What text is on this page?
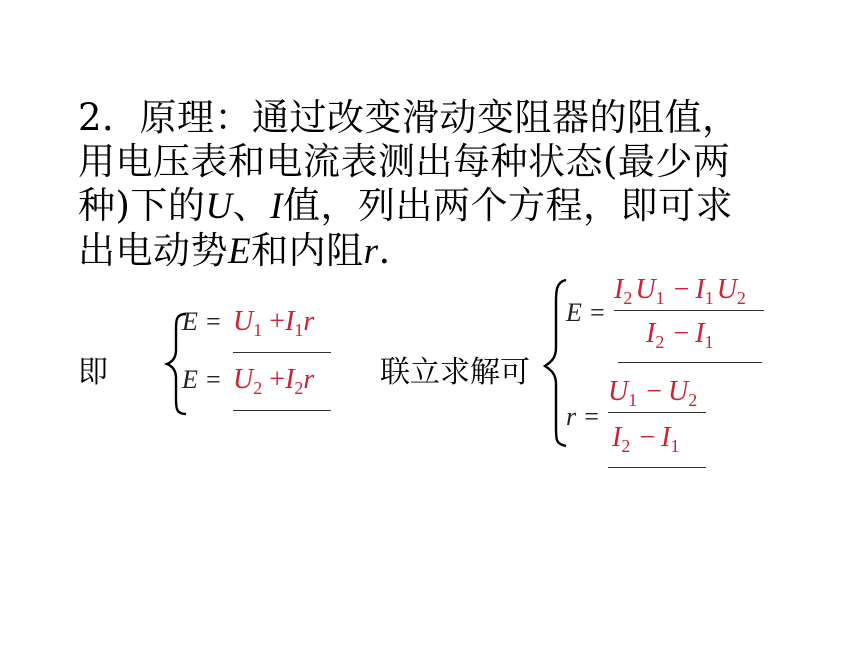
2．原理：通过改变滑动变阻器的阻值，
用电压表和电流表测出每种状态(最少两
种)下的U、I值，列出两个方程，即可求
出电动势E和内阻r.
即
$E = U_1 +I_1r$
$E = U_2 +I_2r$ 联立求解可
E =
$I_2$ $U_1 - I_1$ $U_2$
$I_2 - I_1$
r =
$U_1 - U_2$
$I_2 - I_1$
